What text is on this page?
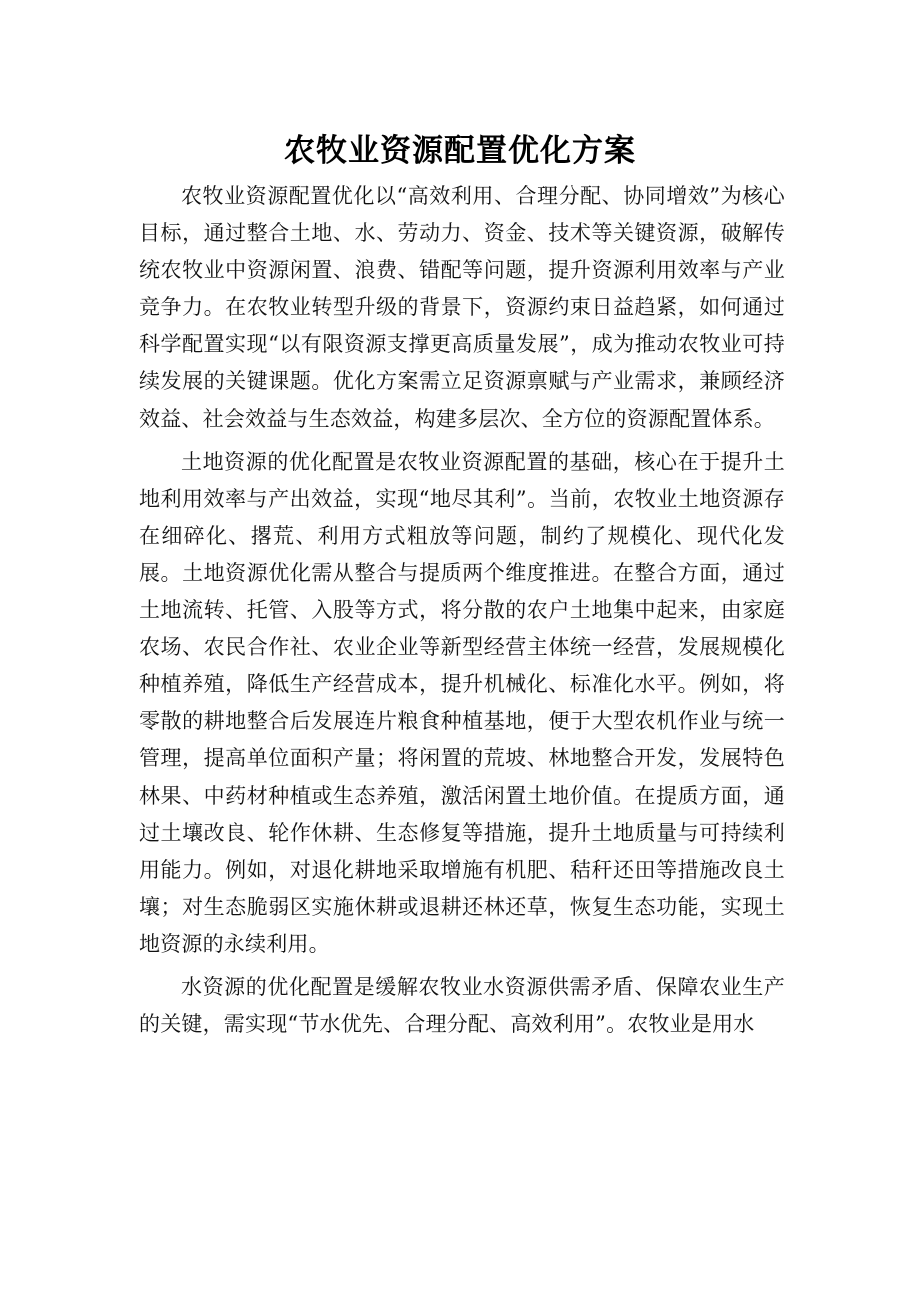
农牧业资源配置优化方案

农牧业资源配置优化以“高效利用、合理分配、协同增效”为核心目标，通过整合土地、水、劳动力、资金、技术等关键资源，破解传统农牧业中资源闲置、浪费、错配等问题，提升资源利用效率与产业竞争力。在农牧业转型升级的背景下，资源约束日益趋紧，如何通过科学配置实现“以有限资源支撑更高质量发展”，成为推动农牧业可持续发展的关键课题。优化方案需立足资源禀赋与产业需求，兼顾经济效益、社会效益与生态效益，构建多层次、全方位的资源配置体系。

土地资源的优化配置是农牧业资源配置的基础，核心在于提升土地利用效率与产出效益，实现“地尽其利”。当前，农牧业土地资源存在细碎化、撂荒、利用方式粗放等问题，制约了规模化、现代化发展。土地资源优化需从整合与提质两个维度推进。在整合方面，通过土地流转、托管、入股等方式，将分散的农户土地集中起来，由家庭农场、农民合作社、农业企业等新型经营主体统一经营，发展规模化种植养殖，降低生产经营成本，提升机械化、标准化水平。例如，将零散的耕地整合后发展连片粮食种植基地，便于大型农机作业与统一管理，提高单位面积产量；将闲置的荒坡、林地整合开发，发展特色林果、中药材种植或生态养殖，激活闲置土地价值。在提质方面，通过土壤改良、轮作休耕、生态修复等措施，提升土地质量与可持续利用能力。例如，对退化耕地采取增施有机肥、秸秆还田等措施改良土壤；对生态脆弱区实施休耕或退耕还林还草，恢复生态功能，实现土地资源的永续利用。

水资源的优化配置是缓解农牧业水资源供需矛盾、保障农业生产的关键，需实现“节水优先、合理分配、高效利用”。农牧业是用水
